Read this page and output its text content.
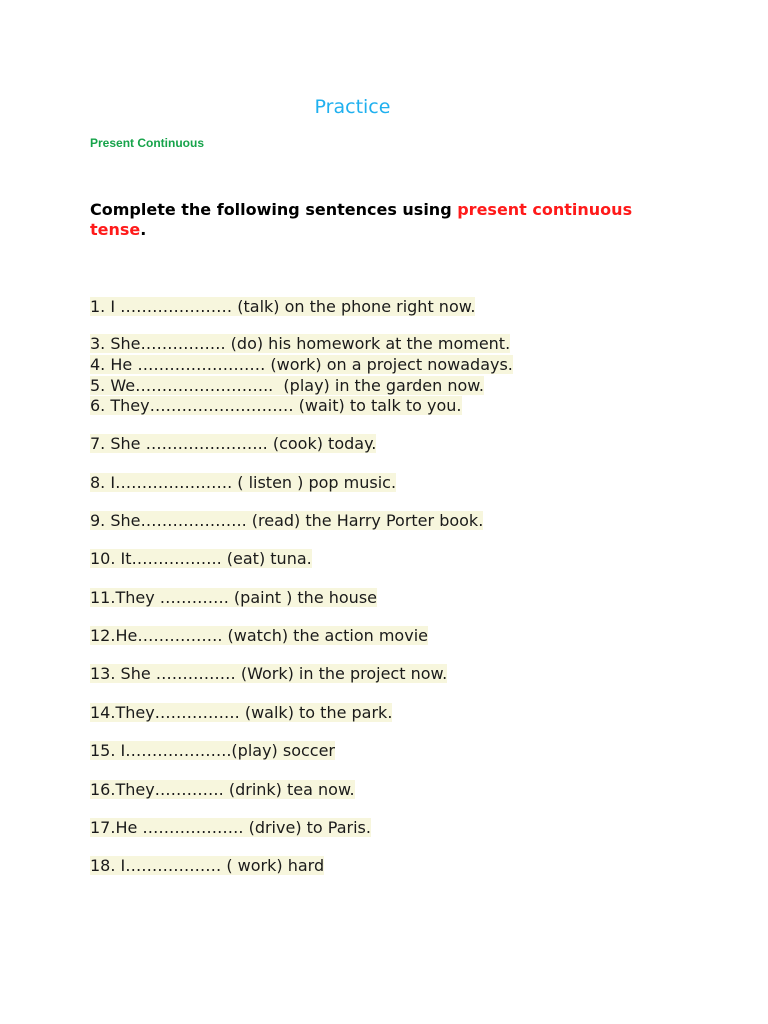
Practice
Present Continuous
Complete the following sentences using present continuous tense.
1. I ………………… (talk) on the phone right now.
3. She……………. (do) his homework at the moment.
4. He …………………… (work) on a project nowadays.
5. We……………………..  (play) in the garden now.
6. They……………………… (wait) to talk to you.
7. She ………………….. (cook) today.
8. I…………………. ( listen ) pop music.
9. She……………….. (read) the Harry Porter book.
10. It…………….. (eat) tuna.
11.They …………. (paint ) the house
12.He……………. (watch) the action movie
13. She …………… (Work) in the project now.
14.They……………. (walk) to the park.
15. I………………..(play) soccer
16.They…………. (drink) tea now.
17.He ………………. (drive) to Paris.
18. I……………… ( work) hard
